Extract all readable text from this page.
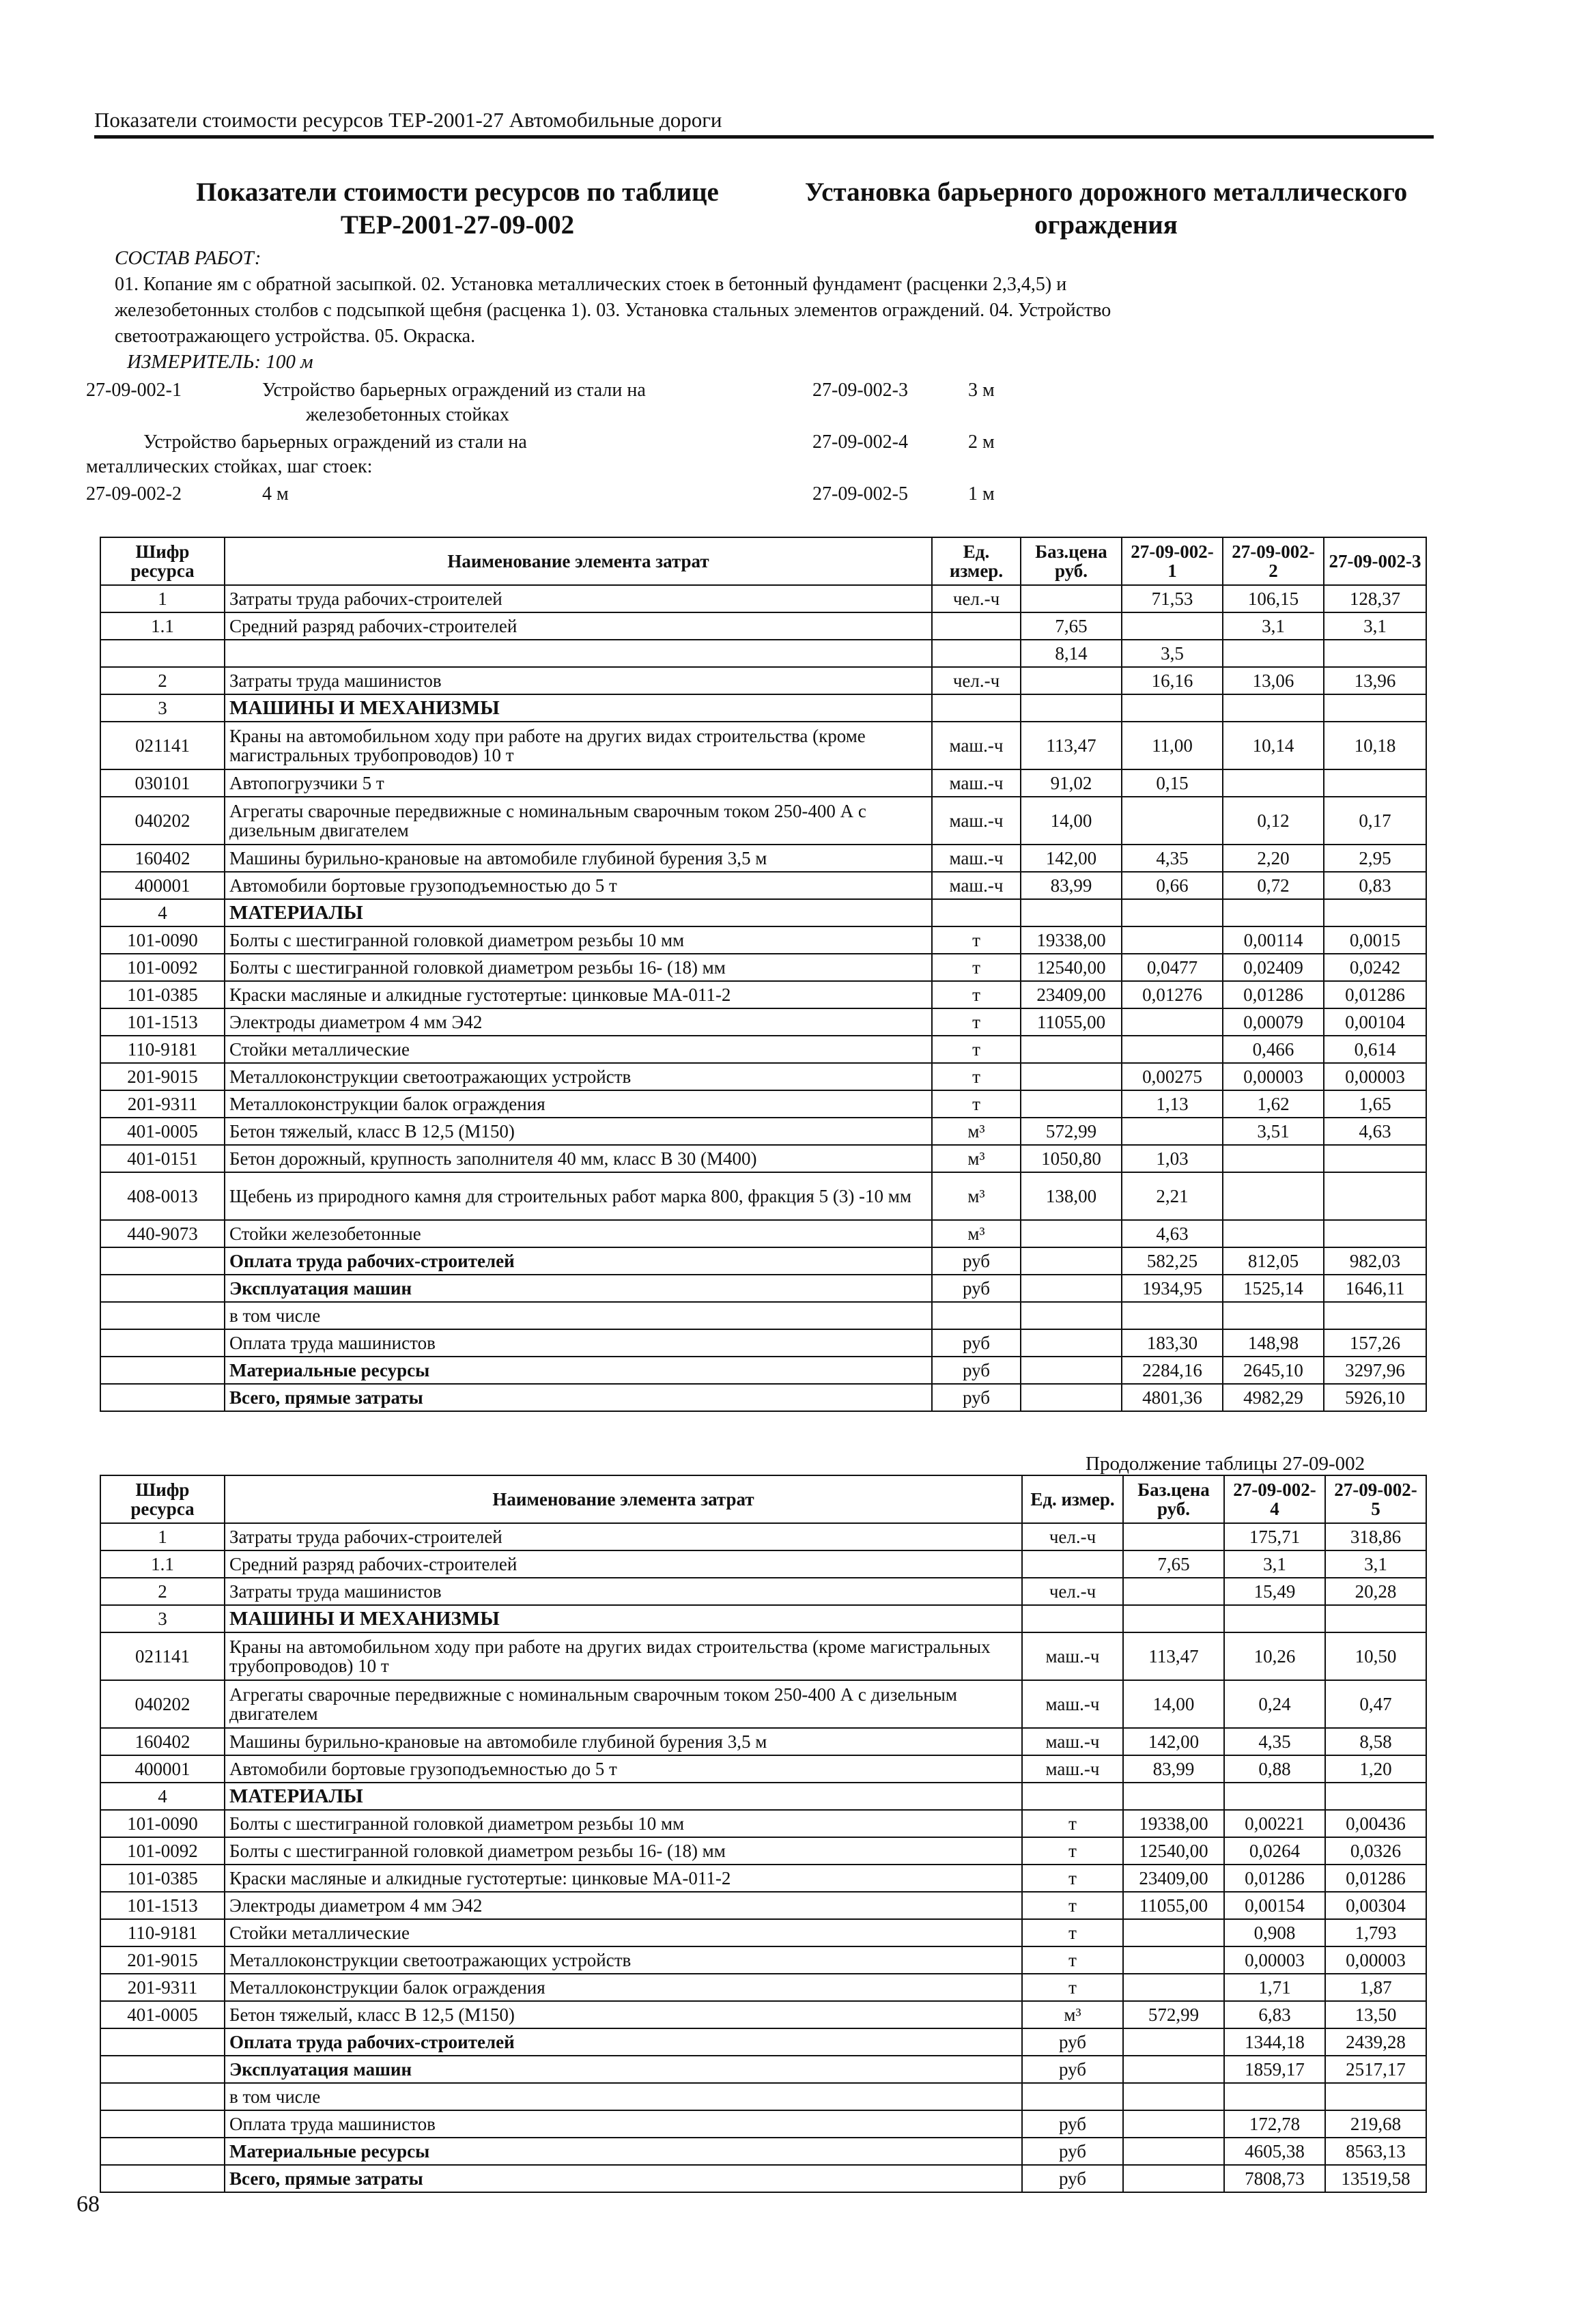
Показатели стоимости ресурсов ТЕР-2001-27 Автомобильные дороги
Показатели стоимости ресурсов по таблице
ТЕР-2001-27-09-002
Установка барьерного дорожного металлического
ограждения
СОСТАВ РАБОТ:
01. Копание ям с обратной засыпкой. 02. Установка металлических стоек в бетонный фундамент (расценки 2,3,4,5) и
железобетонных столбов с подсыпкой щебня (расценка 1). 03. Установка стальных элементов ограждений. 04. Устройство
светоотражающего устройства. 05. Окраска.
ИЗМЕРИТЕЛЬ: 100 м
27-09-002-1	Устройство барьерных ограждений из стали на
железобетонных стойках
Устройство барьерных ограждений из стали на
металлических стойках, шаг стоек:
27-09-002-2	4 м
27-09-002-3	3 м
27-09-002-4	2 м
27-09-002-5	1 м
Шифр ресурса	Наименование элемента затрат	Ед. измер.	Баз.цена руб.	27-09-002-1	27-09-002-2	27-09-002-3
1	Затраты труда рабочих-строителей	чел.-ч		71,53	106,15	128,37
1.1	Средний разряд рабочих-строителей		7,65		3,1	3,1
			8,14	3,5		
2	Затраты труда машинистов	чел.-ч		16,16	13,06	13,96
3	МАШИНЫ И МЕХАНИЗМЫ					
021141	Краны на автомобильном ходу при работе на других видах строительства (кроме магистральных трубопроводов) 10 т	маш.-ч	113,47	11,00	10,14	10,18
030101	Автопогрузчики 5 т	маш.-ч	91,02	0,15		
040202	Агрегаты сварочные передвижные с номинальным сварочным током 250-400 А с дизельным двигателем	маш.-ч	14,00		0,12	0,17
160402	Машины бурильно-крановые на автомобиле глубиной бурения 3,5 м	маш.-ч	142,00	4,35	2,20	2,95
400001	Автомобили бортовые грузоподъемностью до 5 т	маш.-ч	83,99	0,66	0,72	0,83
4	МАТЕРИАЛЫ					
101-0090	Болты с шестигранной головкой диаметром резьбы 10 мм	т	19338,00		0,00114	0,0015
101-0092	Болты с шестигранной головкой диаметром резьбы 16- (18) мм	т	12540,00	0,0477	0,02409	0,0242
101-0385	Краски масляные и алкидные густотертые: цинковые МА-011-2	т	23409,00	0,01276	0,01286	0,01286
101-1513	Электроды диаметром 4 мм Э42	т	11055,00		0,00079	0,00104
110-9181	Стойки металлические	т			0,466	0,614
201-9015	Металлоконструкции светоотражающих устройств	т		0,00275	0,00003	0,00003
201-9311	Металлоконструкции балок ограждения	т		1,13	1,62	1,65
401-0005	Бетон тяжелый, класс В 12,5 (М150)	м³	572,99		3,51	4,63
401-0151	Бетон дорожный, крупность заполнителя 40 мм, класс В 30 (М400)	м³	1050,80	1,03		
408-0013	Щебень из природного камня для строительных работ марка 800, фракция 5 (3) -10 мм	м³	138,00	2,21		
440-9073	Стойки железобетонные	м³		4,63		
	Оплата труда рабочих-строителей	руб		582,25	812,05	982,03
	Эксплуатация машин	руб		1934,95	1525,14	1646,11
	в том числе					
	Оплата труда машинистов	руб		183,30	148,98	157,26
	Материальные ресурсы	руб		2284,16	2645,10	3297,96
	Всего, прямые затраты	руб		4801,36	4982,29	5926,10
Продолжение таблицы 27-09-002
Шифр ресурса	Наименование элемента затрат	Ед. измер.	Баз.цена руб.	27-09-002-4	27-09-002-5
1	Затраты труда рабочих-строителей	чел.-ч		175,71	318,86
1.1	Средний разряд рабочих-строителей		7,65	3,1	3,1
2	Затраты труда машинистов	чел.-ч		15,49	20,28
3	МАШИНЫ И МЕХАНИЗМЫ				
021141	Краны на автомобильном ходу при работе на других видах строительства (кроме магистральных трубопроводов) 10 т	маш.-ч	113,47	10,26	10,50
040202	Агрегаты сварочные передвижные с номинальным сварочным током 250-400 А с дизельным двигателем	маш.-ч	14,00	0,24	0,47
160402	Машины бурильно-крановые на автомобиле глубиной бурения 3,5 м	маш.-ч	142,00	4,35	8,58
400001	Автомобили бортовые грузоподъемностью до 5 т	маш.-ч	83,99	0,88	1,20
4	МАТЕРИАЛЫ				
101-0090	Болты с шестигранной головкой диаметром резьбы 10 мм	т	19338,00	0,00221	0,00436
101-0092	Болты с шестигранной головкой диаметром резьбы 16- (18) мм	т	12540,00	0,0264	0,0326
101-0385	Краски масляные и алкидные густотертые: цинковые МА-011-2	т	23409,00	0,01286	0,01286
101-1513	Электроды диаметром 4 мм Э42	т	11055,00	0,00154	0,00304
110-9181	Стойки металлические	т		0,908	1,793
201-9015	Металлоконструкции светоотражающих устройств	т		0,00003	0,00003
201-9311	Металлоконструкции балок ограждения	т		1,71	1,87
401-0005	Бетон тяжелый, класс В 12,5 (М150)	м³	572,99	6,83	13,50
	Оплата труда рабочих-строителей	руб		1344,18	2439,28
	Эксплуатация машин	руб		1859,17	2517,17
	в том числе				
	Оплата труда машинистов	руб		172,78	219,68
	Материальные ресурсы	руб		4605,38	8563,13
	Всего, прямые затраты	руб		7808,73	13519,58
68
